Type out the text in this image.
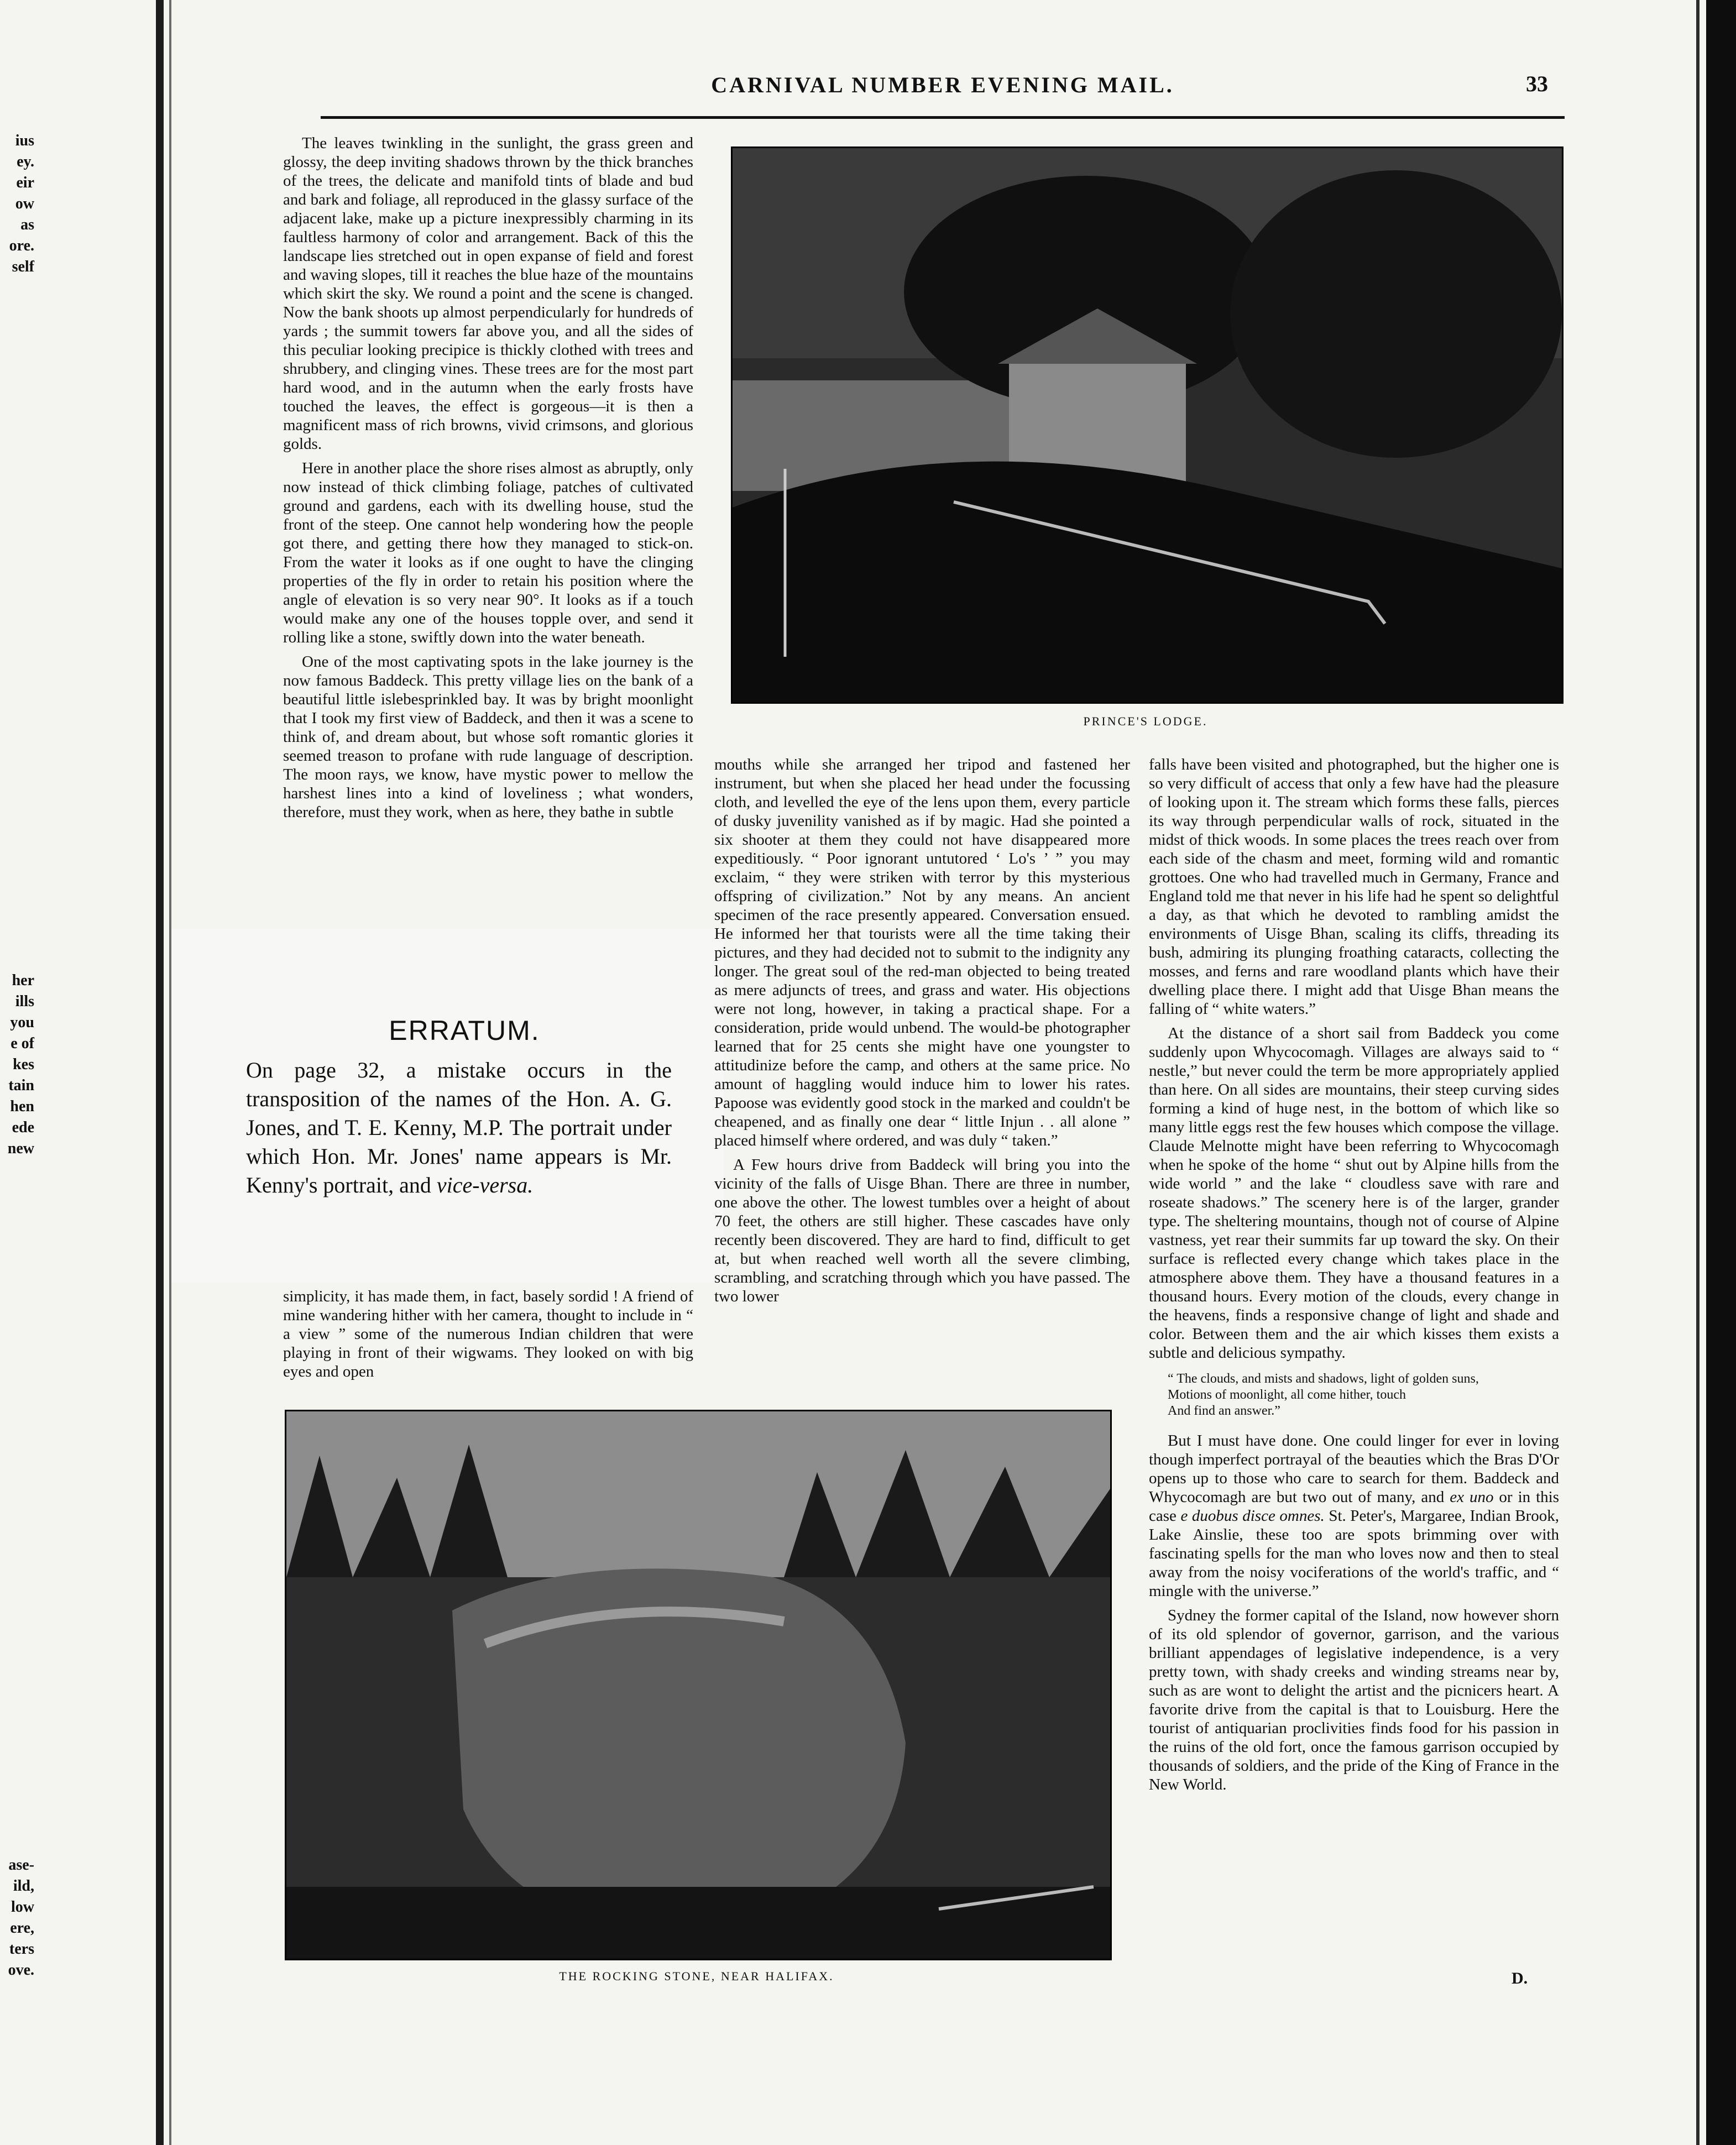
ius
ey.
eir
ow
as
ore.
self
her
ills
you
e of
kes
tain
hen
ede
new
ase-
ild,
low
ere,
ters
ove.
CARNIVAL NUMBER EVENING MAIL.	33

The leaves twinkling in the sunlight, the grass green and glossy, the deep inviting shadows thrown by the thick branches of the trees, the delicate and manifold tints of blade and bud and bark and foliage, all reproduced in the glassy surface of the adjacent lake, make up a picture inexpressibly charming in its faultless harmony of color and arrangement. Back of this the landscape lies stretched out in open expanse of field and forest and waving slopes, till it reaches the blue haze of the mountains which skirt the sky. We round a point and the scene is changed. Now the bank shoots up almost perpendicularly for hundreds of yards ; the summit towers far above you, and all the sides of this peculiar looking precipice is thickly clothed with trees and shrubbery, and clinging vines. These trees are for the most part hard wood, and in the autumn when the early frosts have touched the leaves, the effect is gorgeous—it is then a magnificent mass of rich browns, vivid crimsons, and glorious golds.

Here in another place the shore rises almost as abruptly, only now instead of thick climbing foliage, patches of cultivated ground and gardens, each with its dwelling house, stud the front of the steep. One cannot help wondering how the people got there, and getting there how they managed to stick-on. From the water it looks as if one ought to have the clinging properties of the fly in order to retain his position where the angle of elevation is so very near 90°. It looks as if a touch would make any one of the houses topple over, and send it rolling like a stone, swiftly down into the water beneath.

One of the most captivating spots in the lake journey is the now famous Baddeck. This pretty village lies on the bank of a beautiful little islebesprinkled bay. It was by bright moonlight that I took my first view of Baddeck, and then it was a scene to think of, and dream about, but whose soft romantic glories it seemed treason to profane with rude language of description. The moon rays, we know, have mystic power to mellow the harshest lines into a kind of loveliness ; what wonders, therefore, must they work, when as here, they bathe in subtle

simplicity, it has made them, in fact, basely sordid ! A friend of mine wandering hither with her camera, thought to include in “ a view ” some of the numerous Indian children that were playing in front of their wigwams. They looked on with big eyes and open

ERRATUM.
On page 32, a mistake occurs in the transposition of the names of the Hon. A. G. Jones, and T. E. Kenny, M.P. The portrait under which Hon. Mr. Jones' name appears is Mr. Kenny's portrait, and vice-versa.
PRINCE'S LODGE.

mouths while she arranged her tripod and fastened her instrument, but when she placed her head under the focussing cloth, and levelled the eye of the lens upon them, every particle of dusky juvenility vanished as if by magic. Had she pointed a six shooter at them they could not have disappeared more expeditiously. “ Poor ignorant untutored ‘ Lo's ’ ” you may exclaim, “ they were striken with terror by this mysterious offspring of civilization.” Not by any means. An ancient specimen of the race presently appeared. Conversation ensued. He informed her that tourists were all the time taking their pictures, and they had decided not to submit to the indignity any longer. The great soul of the red-man objected to being treated as mere adjuncts of trees, and grass and water. His objections were not long, however, in taking a practical shape. For a consideration, pride would unbend. The would-be photographer learned that for 25 cents she might have one youngster to attitudinize before the camp, and others at the same price. No amount of haggling would induce him to lower his rates. Papoose was evidently good stock in the marked and couldn't be cheapened, and as finally one dear “ little Injun . . all alone ” placed himself where ordered, and was duly “ taken.”

A Few hours drive from Baddeck will bring you into the vicinity of the falls of Uisge Bhan. There are three in number, one above the other. The lowest tumbles over a height of about 70 feet, the others are still higher. These cascades have only recently been discovered. They are hard to find, difficult to get at, but when reached well worth all the severe climbing, scrambling, and scratching through which you have passed. The two lower

falls have been visited and photographed, but the higher one is so very difficult of access that only a few have had the pleasure of looking upon it. The stream which forms these falls, pierces its way through perpendicular walls of rock, situated in the midst of thick woods. In some places the trees reach over from each side of the chasm and meet, forming wild and romantic grottoes. One who had travelled much in Germany, France and England told me that never in his life had he spent so delightful a day, as that which he devoted to rambling amidst the environments of Uisge Bhan, scaling its cliffs, threading its bush, admiring its plunging froathing cataracts, collecting the mosses, and ferns and rare woodland plants which have their dwelling place there. I might add that Uisge Bhan means the falling of “ white waters.”

At the distance of a short sail from Baddeck you come suddenly upon Whycocomagh. Villages are always said to “ nestle,” but never could the term be more appropriately applied than here. On all sides are mountains, their steep curving sides forming a kind of huge nest, in the bottom of which like so many little eggs rest the few houses which compose the village. Claude Melnotte might have been referring to Whycocomagh when he spoke of the home “ shut out by Alpine hills from the wide world ” and the lake “ cloudless save with rare and roseate shadows.” The scenery here is of the larger, grander type. The sheltering mountains, though not of course of Alpine vastness, yet rear their summits far up toward the sky. On their surface is reflected every change which takes place in the atmosphere above them. They have a thousand features in a thousand hours. Every motion of the clouds, every change in the heavens, finds a responsive change of light and shade and color. Between them and the air which kisses them exists a subtle and delicious sympathy.

“ The clouds, and mists and shadows, light of golden suns,
Motions of moonlight, all come hither, touch
And find an answer.”

But I must have done. One could linger for ever in loving though imperfect portrayal of the beauties which the Bras D'Or opens up to those who care to search for them. Baddeck and Whycocomagh are but two out of many, and ex uno or in this case e duobus disce omnes. St. Peter's, Margaree, Indian Brook, Lake Ainslie, these too are spots brimming over with fascinating spells for the man who loves now and then to steal away from the noisy vociferations of the world's traffic, and “ mingle with the universe.”

Sydney the former capital of the Island, now however shorn of its old splendor of governor, garrison, and the various brilliant appendages of legislative independence, is a very pretty town, with shady creeks and winding streams near by, such as are wont to delight the artist and the picnicers heart. A favorite drive from the capital is that to Louisburg. Here the tourist of antiquarian proclivities finds food for his passion in the ruins of the old fort, once the famous garrison occupied by thousands of soldiers, and the pride of the King of France in the New World.

D.
THE ROCKING STONE, NEAR HALIFAX.
